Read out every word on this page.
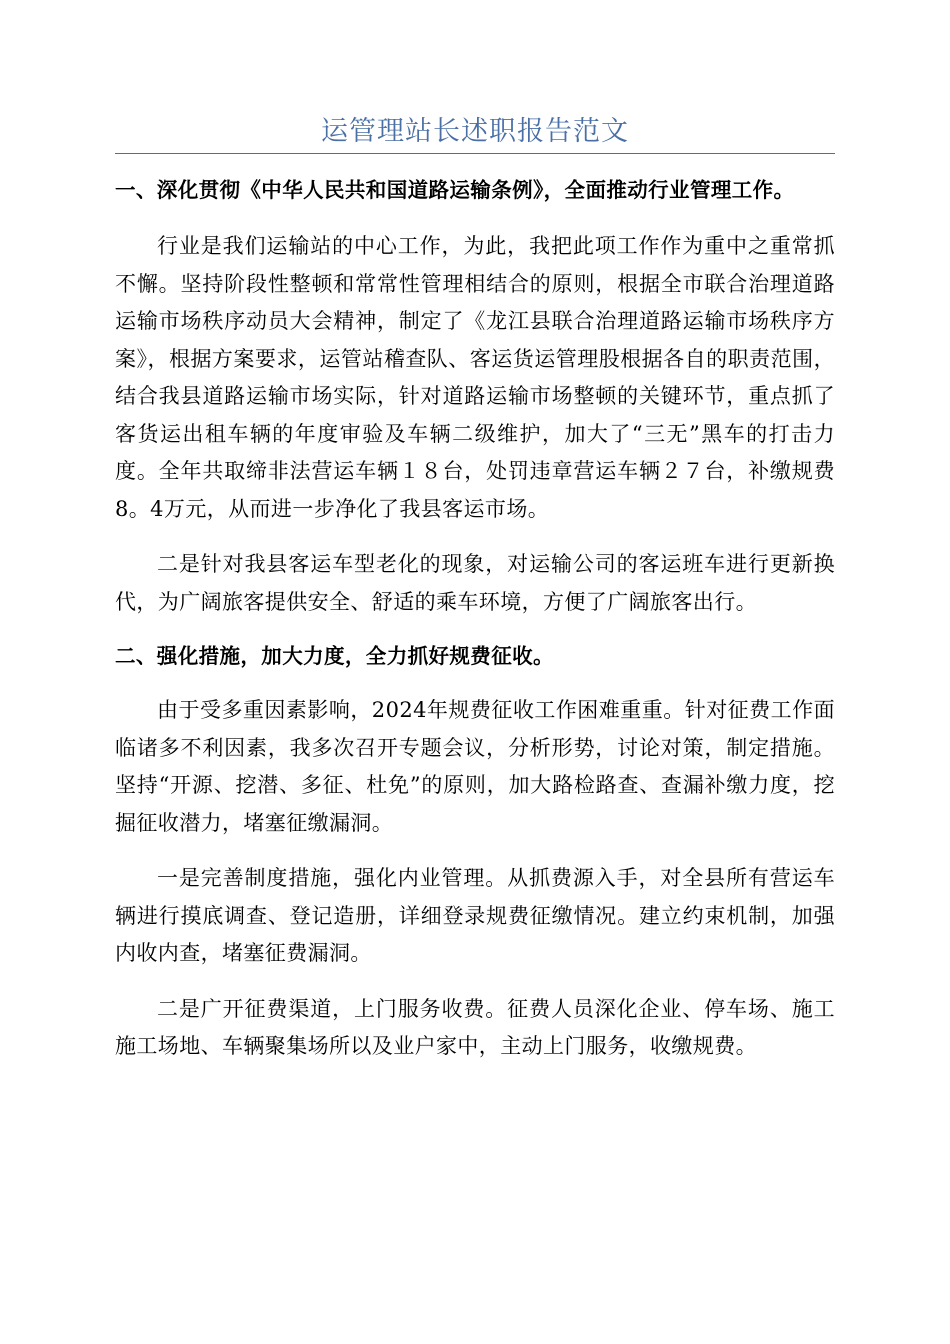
运管理站长述职报告范文

一、深化贯彻《中华人民共和国道路运输条例》，全面推动行业管理工作。

行业是我们运输站的中心工作，为此，我把此项工作作为重中之重常抓不懈。坚持阶段性整顿和常常性管理相结合的原则，根据全市联合治理道路运输市场秩序动员大会精神，制定了《龙江县联合治理道路运输市场秩序方案》，根据方案要求，运管站稽查队、客运货运管理股根据各自的职责范围，结合我县道路运输市场实际，针对道路运输市场整顿的关键环节，重点抓了客货运出租车辆的年度审验及车辆二级维护，加大了“三无”黑车的打击力度。全年共取缔非法营运车辆１８台，处罚违章营运车辆２７台，补缴规费8。4万元，从而进一步净化了我县客运市场。

二是针对我县客运车型老化的现象，对运输公司的客运班车进行更新换代，为广阔旅客提供安全、舒适的乘车环境，方便了广阔旅客出行。

二、强化措施，加大力度，全力抓好规费征收。

由于受多重因素影响，2024年规费征收工作困难重重。针对征费工作面临诸多不利因素，我多次召开专题会议，分析形势，讨论对策，制定措施。坚持“开源、挖潜、多征、杜免”的原则，加大路检路查、查漏补缴力度，挖掘征收潜力，堵塞征缴漏洞。

一是完善制度措施，强化内业管理。从抓费源入手，对全县所有营运车辆进行摸底调查、登记造册，详细登录规费征缴情况。建立约束机制，加强内收内查，堵塞征费漏洞。

二是广开征费渠道，上门服务收费。征费人员深化企业、停车场、施工施工场地、车辆聚集场所以及业户家中，主动上门服务，收缴规费。
